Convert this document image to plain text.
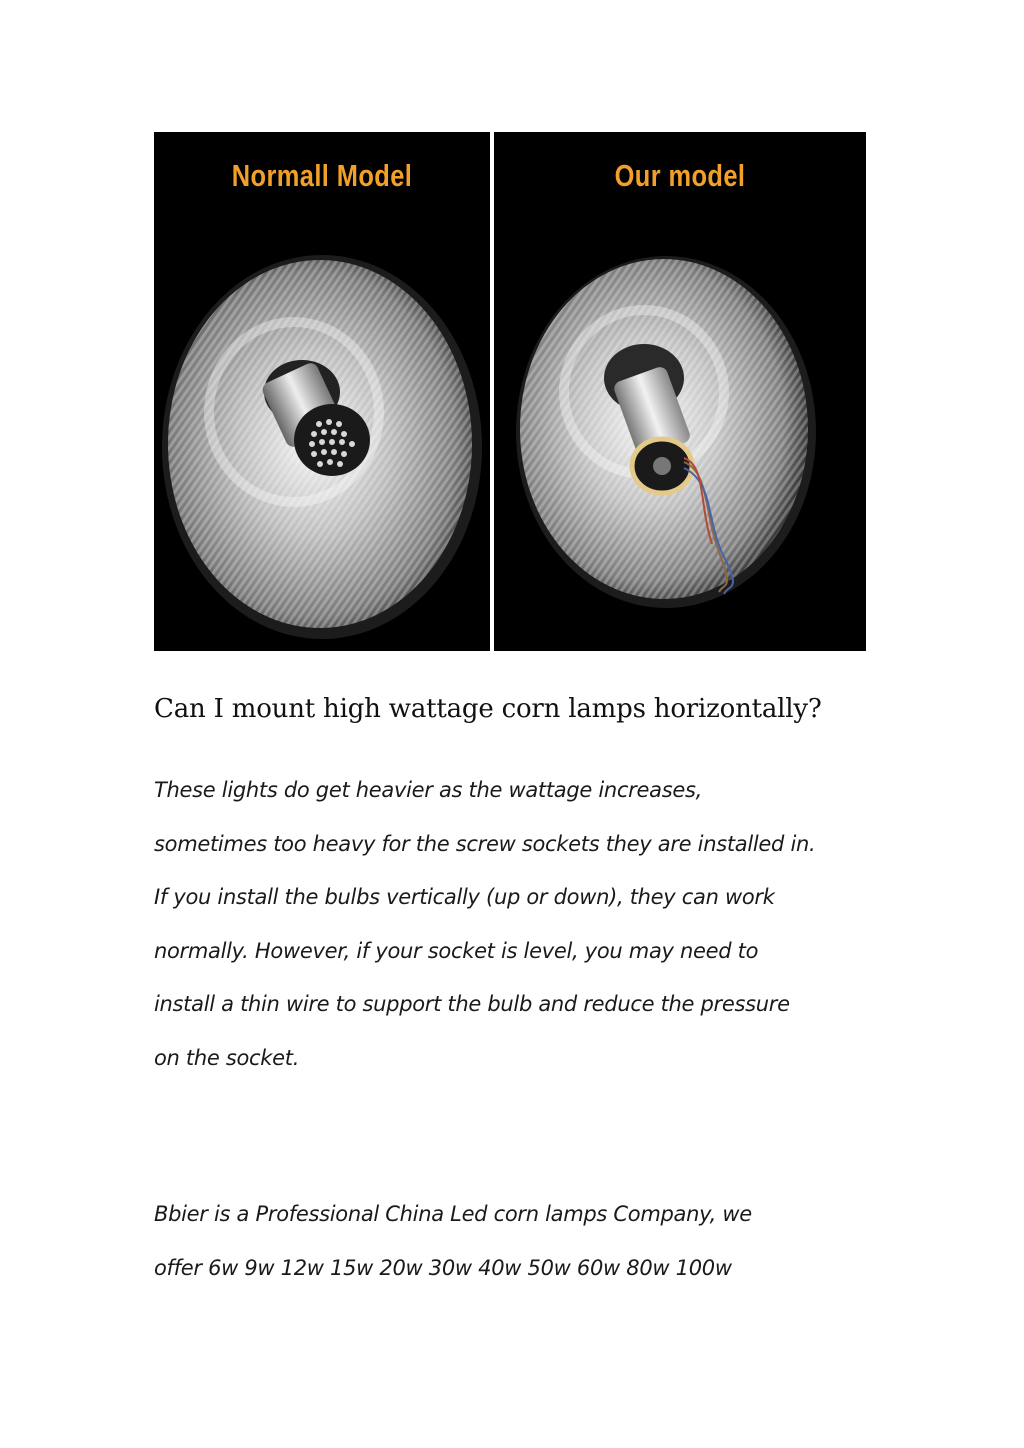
Normall Model	Our model
Can I mount high wattage corn lamps horizontally?
These lights do get heavier as the wattage increases,
sometimes too heavy for the screw sockets they are installed in.
If you install the bulbs vertically (up or down), they can work
normally. However, if your socket is level, you may need to
install a thin wire to support the bulb and reduce the pressure
on the socket.
Bbier is a Professional China Led corn lamps Company, we
offer 6w 9w 12w 15w 20w 30w 40w 50w 60w 80w 100w
